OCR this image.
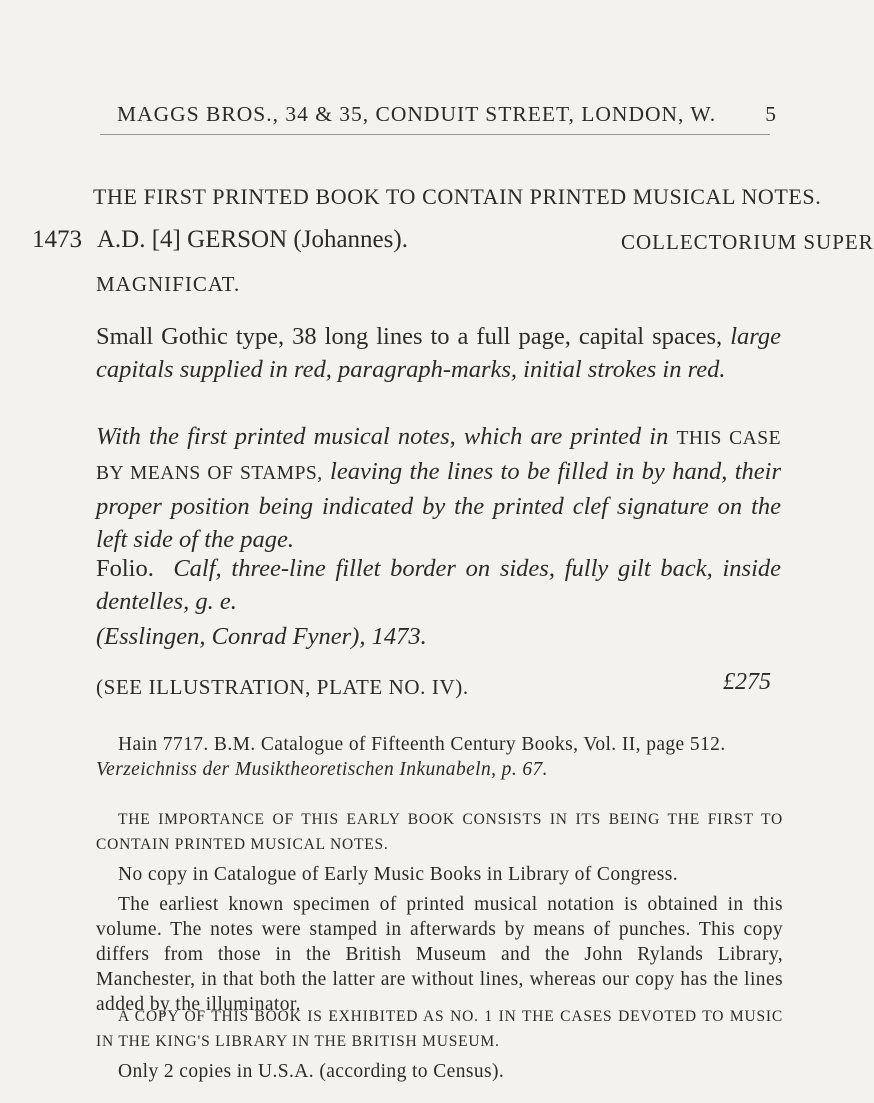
MAGGS BROS., 34 & 35, CONDUIT STREET, LONDON, W. 5
THE FIRST PRINTED BOOK TO CONTAIN PRINTED MUSICAL NOTES.
1473 A.D. [4] GERSON (Johannes).	COLLECTORIUM SUPER
MAGNIFICAT.
Small Gothic type, 38 long lines to a full page, capital spaces, large capitals supplied in red, paragraph-marks, initial strokes in red.
With the first printed musical notes, which are printed in THIS CASE BY MEANS OF STAMPS, leaving the lines to be filled in by hand, their proper position being indicated by the printed clef signature on the left side of the page.
Folio. Calf, three-line fillet border on sides, fully gilt back, inside dentelles, g. e.
(Esslingen, Conrad Fyner), 1473.
(SEE ILLUSTRATION, PLATE NO. IV).	£275
Hain 7717. B.M. Catalogue of Fifteenth Century Books, Vol. II, page 512.
Verzeichniss der Musiktheoretischen Inkunabeln, p. 67.
THE IMPORTANCE OF THIS EARLY BOOK CONSISTS IN ITS BEING THE FIRST TO CONTAIN PRINTED MUSICAL NOTES.
No copy in Catalogue of Early Music Books in Library of Congress.
The earliest known specimen of printed musical notation is obtained in this volume. The notes were stamped in afterwards by means of punches. This copy differs from those in the British Museum and the John Rylands Library, Manchester, in that both the latter are without lines, whereas our copy has the lines added by the illuminator.
A COPY OF THIS BOOK IS EXHIBITED AS NO. 1 IN THE CASES DEVOTED TO MUSIC IN THE KING'S LIBRARY IN THE BRITISH MUSEUM.
Only 2 copies in U.S.A. (according to Census).
